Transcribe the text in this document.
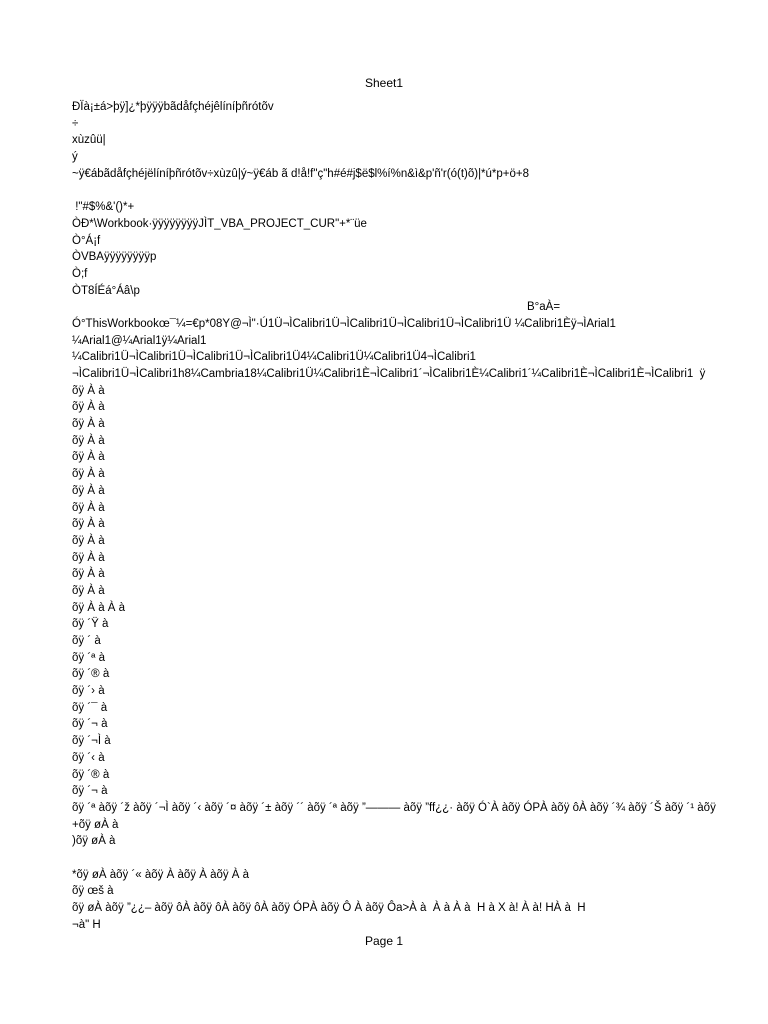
Sheet1
ÐÏà¡±á>þÿ]¿*þÿÿÿbãdåfçhéjêlíníþñrótõv
÷
xùzûü|
ý
~ÿ€ábãdåfçhéjëlíníþñrótõv÷xùzû|ý~ÿ€áb ã d!å!f"ç"h#é#j$ë$l%í%n&ì&p'ñ'r(ó(t)õ)|*ú*p+ö+8
!"#$%&'()*+
ÒÐ*\Workbook·ÿÿÿÿÿÿÿÿJÌT_VBA_PROJECT_CUR"+*¨üe
Ò°Á¡f
ÒVBAÿÿÿÿÿÿÿÿp
Ò;f
ÒT8ÍÉá°Áâ\p

B°aÀ=

Ó°ThisWorkbookœ¯¼=€p*08Y@¬Ì"·Ú1Ü¬ÌCalibri1Ü¬ÌCalibri1Ü¬ÌCalibri1Ü¬ÌCalibri1Ü ¼Calibri1Èÿ¬ÌArial1
¼Arial1@¼Arial1ÿ¼Arial1
¼Calibri1Ü¬ÌCalibri1Ü¬ÌCalibri1Ü¬ÌCalibri1Ü4¼Calibri1Ü¼Calibri1Ü4¬ÌCalibri1
¬ÌCalibri1Ü¬ÌCalibri1h8¼Cambria18¼Calibri1Ü¼Calibri1È¬ÌCalibri1´¬ÌCalibri1È¼Calibri1´¼Calibri1È¬ÌCalibri1È¬ÌCalibri1  ÿ
õÿ À à
õÿ À à
õÿ À à
õÿ À à
õÿ À à
õÿ À à
õÿ À à
õÿ À à
õÿ À à
õÿ À à
õÿ À à
õÿ À à
õÿ À à
õÿ À à À à
õÿ ´Ÿ à
õÿ ´ à
õÿ ´ª à
õÿ ´® à
õÿ ´› à
õÿ ´¯ à
õÿ ´¬ à
õÿ ´¬Ì à
õÿ ´‹ à
õÿ ´® à
õÿ ´¬ à
õÿ ´ª àõÿ ´ž àõÿ ´¬Ì àõÿ ´‹ àõÿ ´¤ àõÿ ´± àõÿ ´´ àõÿ ´ª àõÿ ”——— àõÿ ”ff¿¿· àõÿ Ó`À àõÿ ÓPÀ àõÿ ôÀ àõÿ ´¾ àõÿ ´Š àõÿ ´¹ àõÿ
+õÿ øÀ à
)õÿ øÀ à
*õÿ øÀ àõÿ ´« àõÿ À àõÿ À àõÿ À à
õÿ œš à
õÿ øÀ àõÿ ”¿¿– àõÿ ôÀ àõÿ ôÀ àõÿ ôÀ àõÿ ÓPÀ àõÿ Ô À àõÿ Ôa>À à  À à À à  H à X à! À à! HÀ à  H
¬à" H
Page 1
